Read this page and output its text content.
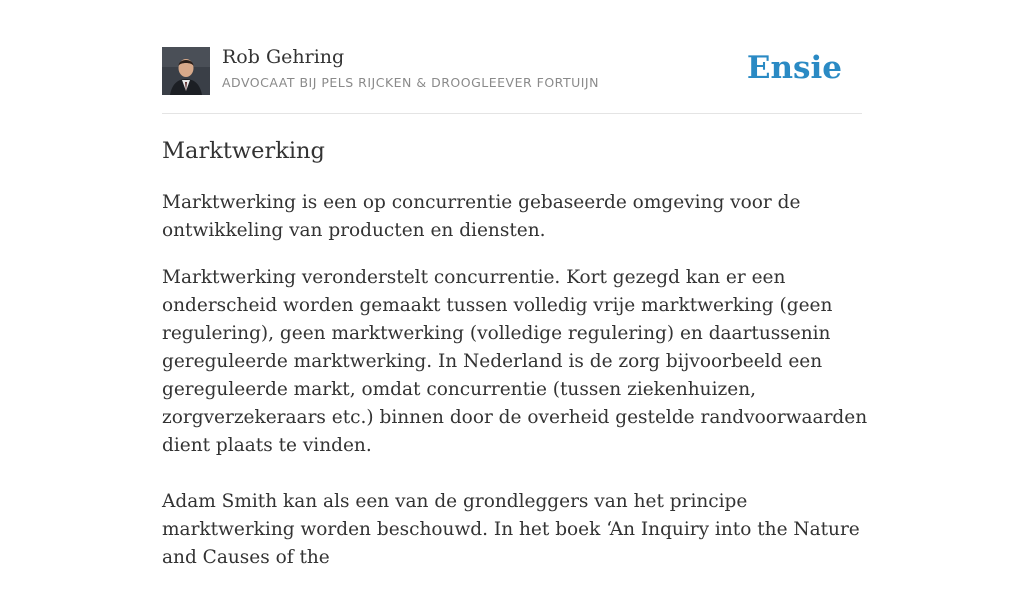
Rob Gehring
ADVOCAAT BIJ PELS RIJCKEN & DROOGLEEVER FORTUIJN	Ensie
Marktwerking

Marktwerking is een op concurrentie gebaseerde omgeving voor de ontwikkeling van producten en diensten.

Marktwerking veronderstelt concurrentie. Kort gezegd kan er een onderscheid worden gemaakt tussen volledig vrije marktwerking (geen regulering), geen marktwerking (volledige regulering) en daartussenin gereguleerde marktwerking. In Nederland is de zorg bijvoorbeeld een gereguleerde markt, omdat concurrentie (tussen ziekenhuizen, zorgverzekeraars etc.) binnen door de overheid gestelde randvoorwaarden dient plaats te vinden.

Adam Smith kan als een van de grondleggers van het principe marktwerking worden beschouwd. In het boek ‘An Inquiry into the Nature and Causes of the
